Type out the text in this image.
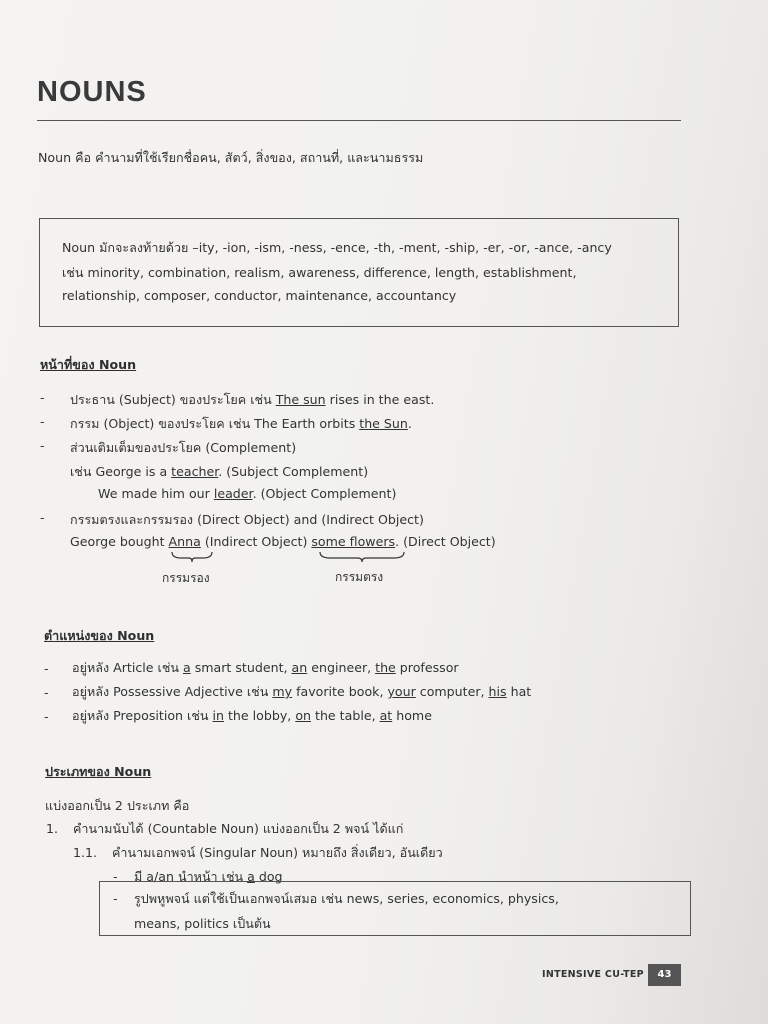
NOUNS
Noun คือ คำนามที่ใช้เรียกชื่อคน, สัตว์, สิ่งของ, สถานที่, และนามธรรม
Noun มักจะลงท้ายด้วย –ity, -ion, -ism, -ness, -ence, -th, -ment, -ship, -er, -or, -ance, -ancy
เช่น minority, combination, realism, awareness, difference, length, establishment,
relationship, composer, conductor, maintenance, accountancy
หน้าที่ของ Noun
- ประธาน (Subject) ของประโยค เช่น The sun rises in the east.
- กรรม (Object) ของประโยค เช่น The Earth orbits the Sun.
- ส่วนเติมเต็มของประโยค (Complement)
เช่น George is a teacher. (Subject Complement)
We made him our leader. (Object Complement)
- กรรมตรงและกรรมรอง (Direct Object) and (Indirect Object)
George bought Anna (Indirect Object) some flowers. (Direct Object)
กรรมรอง	กรรมตรง
ตำแหน่งของ Noun
- อยู่หลัง Article เช่น a smart student, an engineer, the professor
- อยู่หลัง Possessive Adjective เช่น my favorite book, your computer, his hat
- อยู่หลัง Preposition เช่น in the lobby, on the table, at home
ประเภทของ Noun
แบ่งออกเป็น 2 ประเภท คือ
1. คำนามนับได้ (Countable Noun) แบ่งออกเป็น 2 พจน์ ได้แก่
1.1. คำนามเอกพจน์ (Singular Noun) หมายถึง สิ่งเดียว, อันเดียว
- มี a/an นำหน้า เช่น a dog
- รูปพหูพจน์ แต่ใช้เป็นเอกพจน์เสมอ เช่น news, series, economics, physics,
means, politics เป็นต้น
INTENSIVE CU-TEP	43
